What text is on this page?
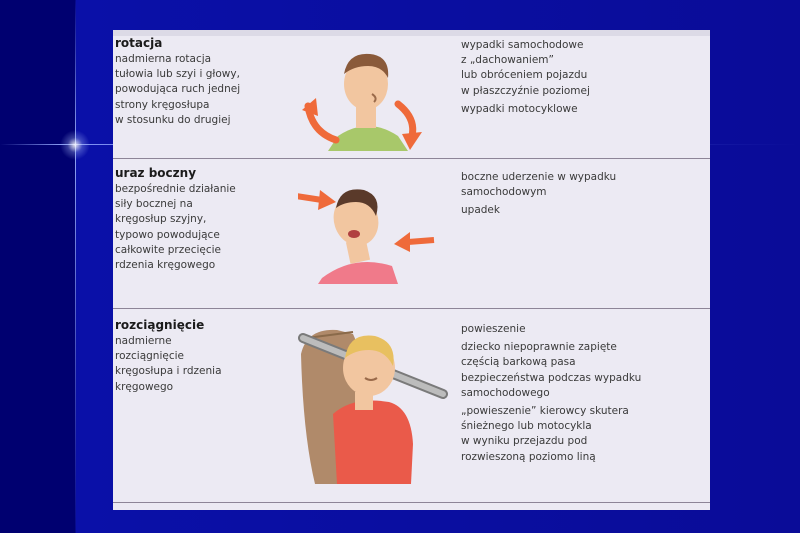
rotacja
nadmierna rotacja
tułowia lub szyi i głowy,
powodująca ruch jednej
strony kręgosłupa
w stosunku do drugiej

wypadki samochodowe
z „dachowaniem”
lub obróceniem pojazdu
w płaszczyźnie poziomej

wypadki motocyklowe

uraz boczny
bezpośrednie działanie
siły bocznej na
kręgosłup szyjny,
typowo powodujące
całkowite przecięcie
rdzenia kręgowego

boczne uderzenie w wypadku
samochodowym

upadek

rozciągnięcie
nadmierne
rozciągnięcie
kręgosłupa i rdzenia
kręgowego

powieszenie

dziecko niepoprawnie zapięte
częścią barkową pasa
bezpieczeństwa podczas wypadku
samochodowego

„powieszenie” kierowcy skutera
śnieżnego lub motocykla
w wyniku przejazdu pod
rozwieszoną poziomo liną
